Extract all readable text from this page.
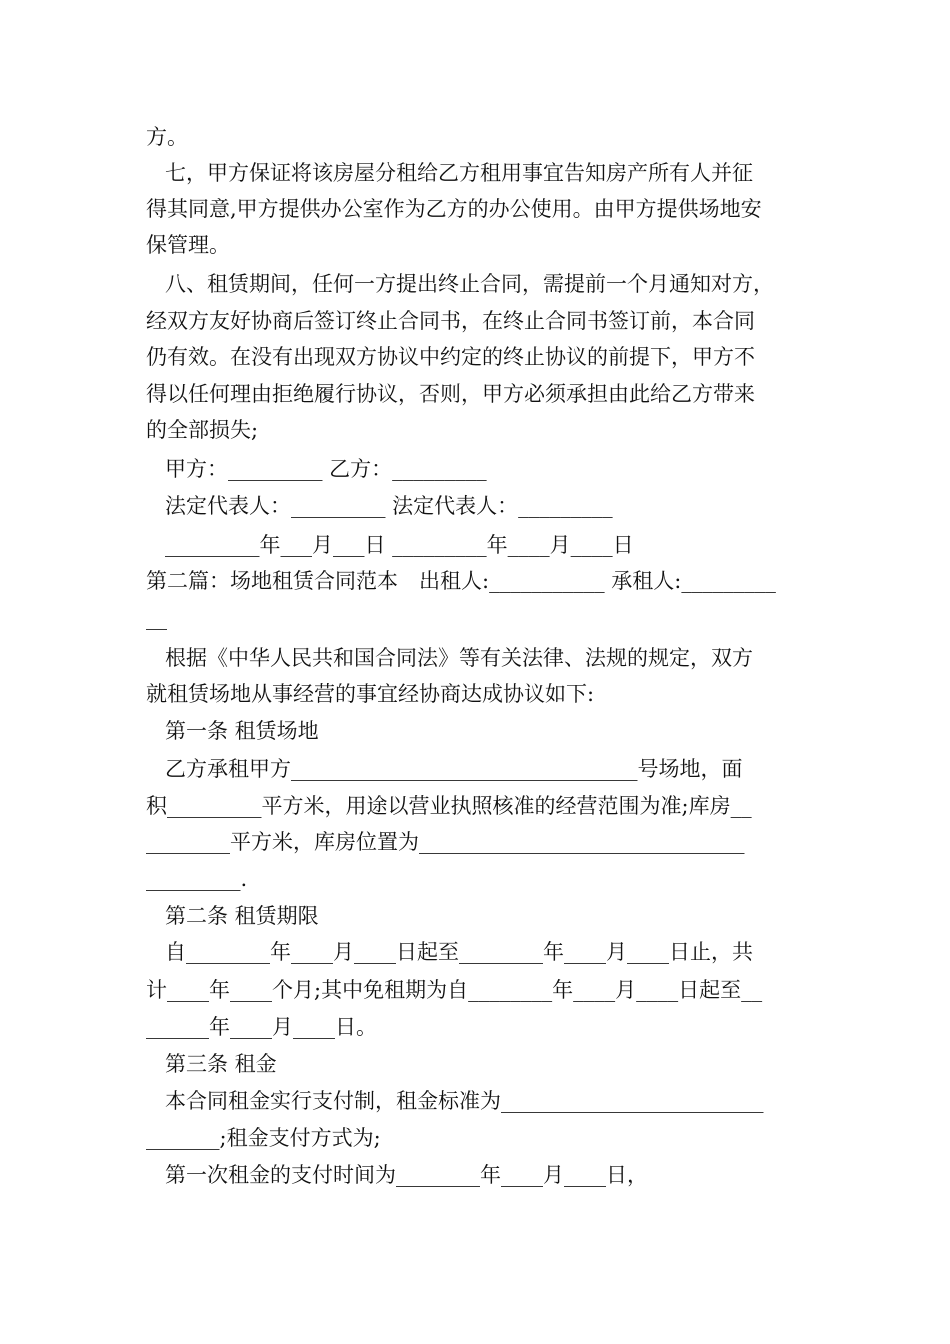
方。
七，甲方保证将该房屋分租给乙方租用事宜告知房产所有人并征
得其同意,甲方提供办公室作为乙方的办公使用。由甲方提供场地安
保管理。
八、租赁期间，任何一方提出终止合同，需提前一个月通知对方，
经双方友好协商后签订终止合同书，在终止合同书签订前，本合同
仍有效。在没有出现双方协议中约定的终止协议的前提下，甲方不
得以任何理由拒绝履行协议，否则，甲方必须承担由此给乙方带来
的全部损失;
甲方：_________ 乙方：_________
法定代表人：_________ 法定代表人：_________
_________年___月___日 _________年____月____日
第二篇：场地租赁合同范本　出租人:___________ 承租人:_________
__
根据《中华人民共和国合同法》等有关法律、法规的规定，双方
就租赁场地从事经营的事宜经协商达成协议如下:
第一条 租赁场地
乙方承租甲方_________________________________号场地，面
积_________平方米，用途以营业执照核准的经营范围为准;库房__
________平方米，库房位置为_______________________________
_________.
第二条 租赁期限
自________年____月____日起至________年____月____日止，共
计____年____个月;其中免租期为自________年____月____日起至__
______年____月____日。
第三条 租金
本合同租金实行支付制，租金标准为_________________________
_______;租金支付方式为;
第一次租金的支付时间为________年____月____日，
